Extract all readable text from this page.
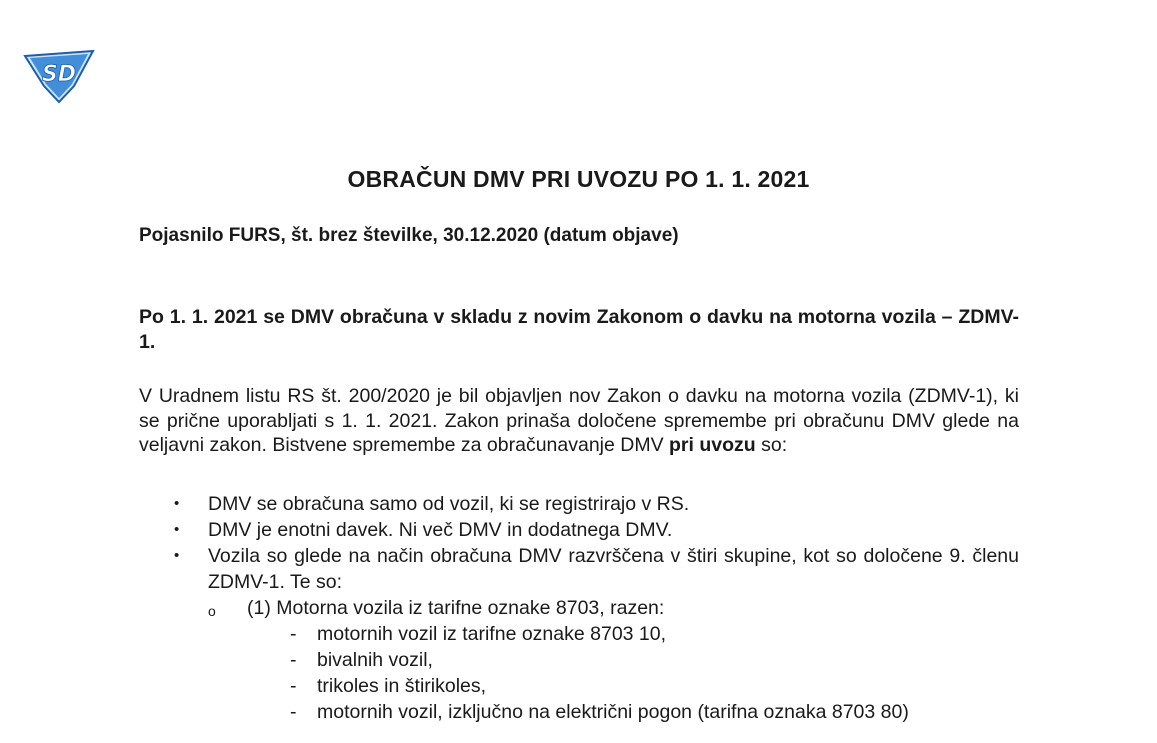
SD
OBRAČUN DMV PRI UVOZU PO 1. 1. 2021
Pojasnilo FURS, št. brez številke, 30.12.2020 (datum objave)
Po 1. 1. 2021 se DMV obračuna v skladu z novim Zakonom o davku na motorna vozila – ZDMV-1.
V Uradnem listu RS št. 200/2020 je bil objavljen nov Zakon o davku na motorna vozila (ZDMV-1), ki se prične uporabljati s 1. 1. 2021. Zakon prinaša določene spremembe pri obračunu DMV glede na veljavni zakon. Bistvene spremembe za obračunavanje DMV pri uvozu so:
• DMV se obračuna samo od vozil, ki se registrirajo v RS.
• DMV je enotni davek. Ni več DMV in dodatnega DMV.
• Vozila so glede na način obračuna DMV razvrščena v štiri skupine, kot so določene 9. členu ZDMV-1. Te so:
o (1) Motorna vozila iz tarifne oznake 8703, razen:
- motornih vozil iz tarifne oznake 8703 10,
- bivalnih vozil,
- trikoles in štirikoles,
- motornih vozil, izključno na električni pogon (tarifna oznaka 8703 80)
